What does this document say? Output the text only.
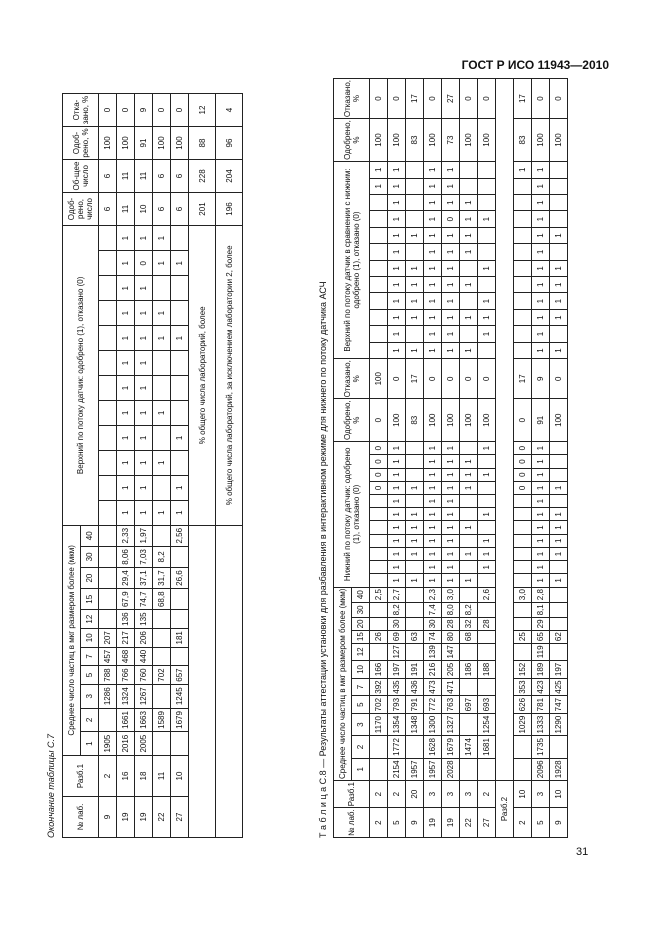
ГОСТ Р ИСО 11943—2010
Окончание таблицы С.7	№ лаб.	Разб.1	Среднее число частиц в мкг размером более (мкм)											Верхний по потоку датчик: одобрено (1), отказано (0)												Одоб-рено, число	Об-щее число	Одоб-рено, %	Отка-зано, %
		1	2	3	5	7	10	12	15	20	30	40																
9	2	1905		1286	788	457	207																		6	6	100	0
19	16	2016	1661	1324	766	468	217	136	67,9	29,4	8,06	2,33	1	1	1	1	1	1	1	1	1	1	1	1	11	11	100	0
19	18	2005	1663	1267	760	440	206	135	74,7	37,1	7,03	1,97	1	1	1	1	1	1	1	1	1	1	0	1	10	11	91	9
22	11		1589		702				68,8	31,7	8,2		1		1		1			1	1		1	1	6	6	100	0
27	10		1679	1245	657		181			26,6		2,56	1	1		1				1			1		6	6	100	0
													% общего числа лабораторий, более												201	228	88	12
													% общего числа лабораторий, за исключением лаборатории 2, более												196	204	96	4
Т а б л и ц а С.8 — Результаты аттестации установки для разбавления в интерактивном режиме для нижнего по потоку датчика АСЧ
№ лаб.	Разб.1	Среднее число частиц в мкг размером более (мкм)											Нижний по потоку датчик: одобрено (1), отказано (0)											Одобрено, %	Отказано, %	Верхний по потоку датчик в сравнении с нижним: одобрено (1), отказано (0)												Одобрено, %	Отказано, %
		1	2	3	5	7	10	12	15	20	30	40																											
2	2			1170	702	392	166		26			2,5								0	0	0	0	0	100											1	1	100	0
5	2	2154	1772	1354	793	435	197	127	69	30	8,2	2,7	1	1	1	1	1	1	1	1	1	1	1	100	0	1	1	1	1	1	1	1	1	1	1	1	1	100	0
9	20	1957		1348	791	436	191		63				1		1	1	1	1		1				83	17	1		1	1	1	1		1					83	17
19	3	1957	1628	1300	772	473	216	139	74	30	7,4	2,3	1	1	1	1	1	1	1	1	1	1	1	100	0	1	1	1	1	1	1	1	1	1	1	1	1	100	0
19	3	2028	1679	1327	763	471	205	147	80	28	8,0	3,0	1	1	1	1	1	1	1	1	1	1	1	100	0	1	1	1	1	1	1	1	1	0	1	1	1	73	27
22	3		1474		697		186		68	32	8,2		1		1		1			1	1	1		100	0	1		1		1		1	1	1	1			100	0
27	2		1681	1254	693		188			28		2,6		1	1	1		1			1		1	100	0		1	1	1		1			1				100	0
Разб.2																																							
2	10			1029	626	353	152		25			3,0								0	0	0	0	0	17												1	83	17
5	3	2096	1735	1333	781	423	189	119	65	29	8,1	2,8	1	1	1	1	1	1	1	1	1	1	1	91	9	1	1	1	1	1	1	1	1	1	1	1	1	100	0
9	10	1928		1290	747	425	197		62				1		1	1	1	1		1				100	0	1		1	1	1	1		1					100	0
31
